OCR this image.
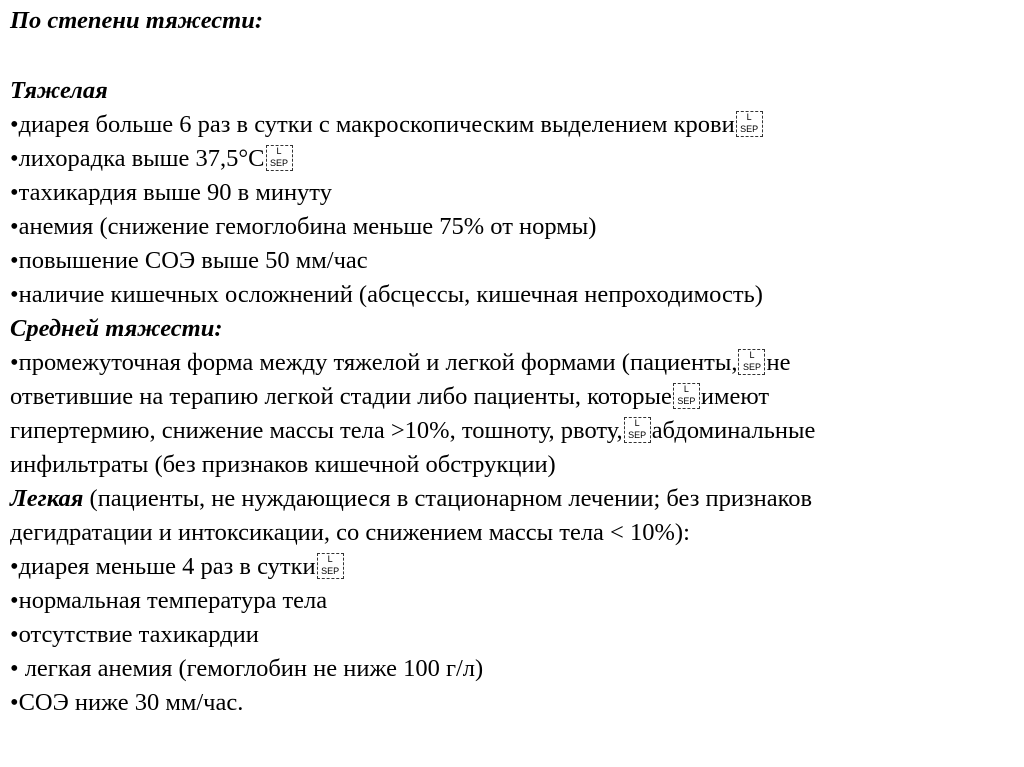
По степени тяжести:
Тяжелая
•диарея больше 6 раз в сутки с макроскопическим выделением крови	L
SEP
•лихорадка выше 37,5°С	L
SEP
•тахикардия выше 90 в минуту
•анемия (снижение гемоглобина меньше 75% от нормы)
•повышение СОЭ выше 50 мм/час
•наличие кишечных осложнений (абсцессы, кишечная непроходимость)
Средней тяжести:
•промежуточная форма между тяжелой и легкой формами (пациенты,	L
SEP не
ответившие на терапию легкой стадии либо пациенты, которые	L
SEP имеют
гипертермию, снижение массы тела >10%, тошноту, рвоту,	L
SEP абдоминальные
инфильтраты (без признаков кишечной обструкции)
Легкая (пациенты, не нуждающиеся в стационарном лечении; без признаков
дегидратации и интоксикации, со снижением массы тела < 10%):
•диарея меньше 4 раз в сутки	L
SEP
•нормальная температура тела
•отсутствие тахикардии
• легкая анемия (гемоглобин не ниже 100 г/л)
•СОЭ ниже 30 мм/час.
